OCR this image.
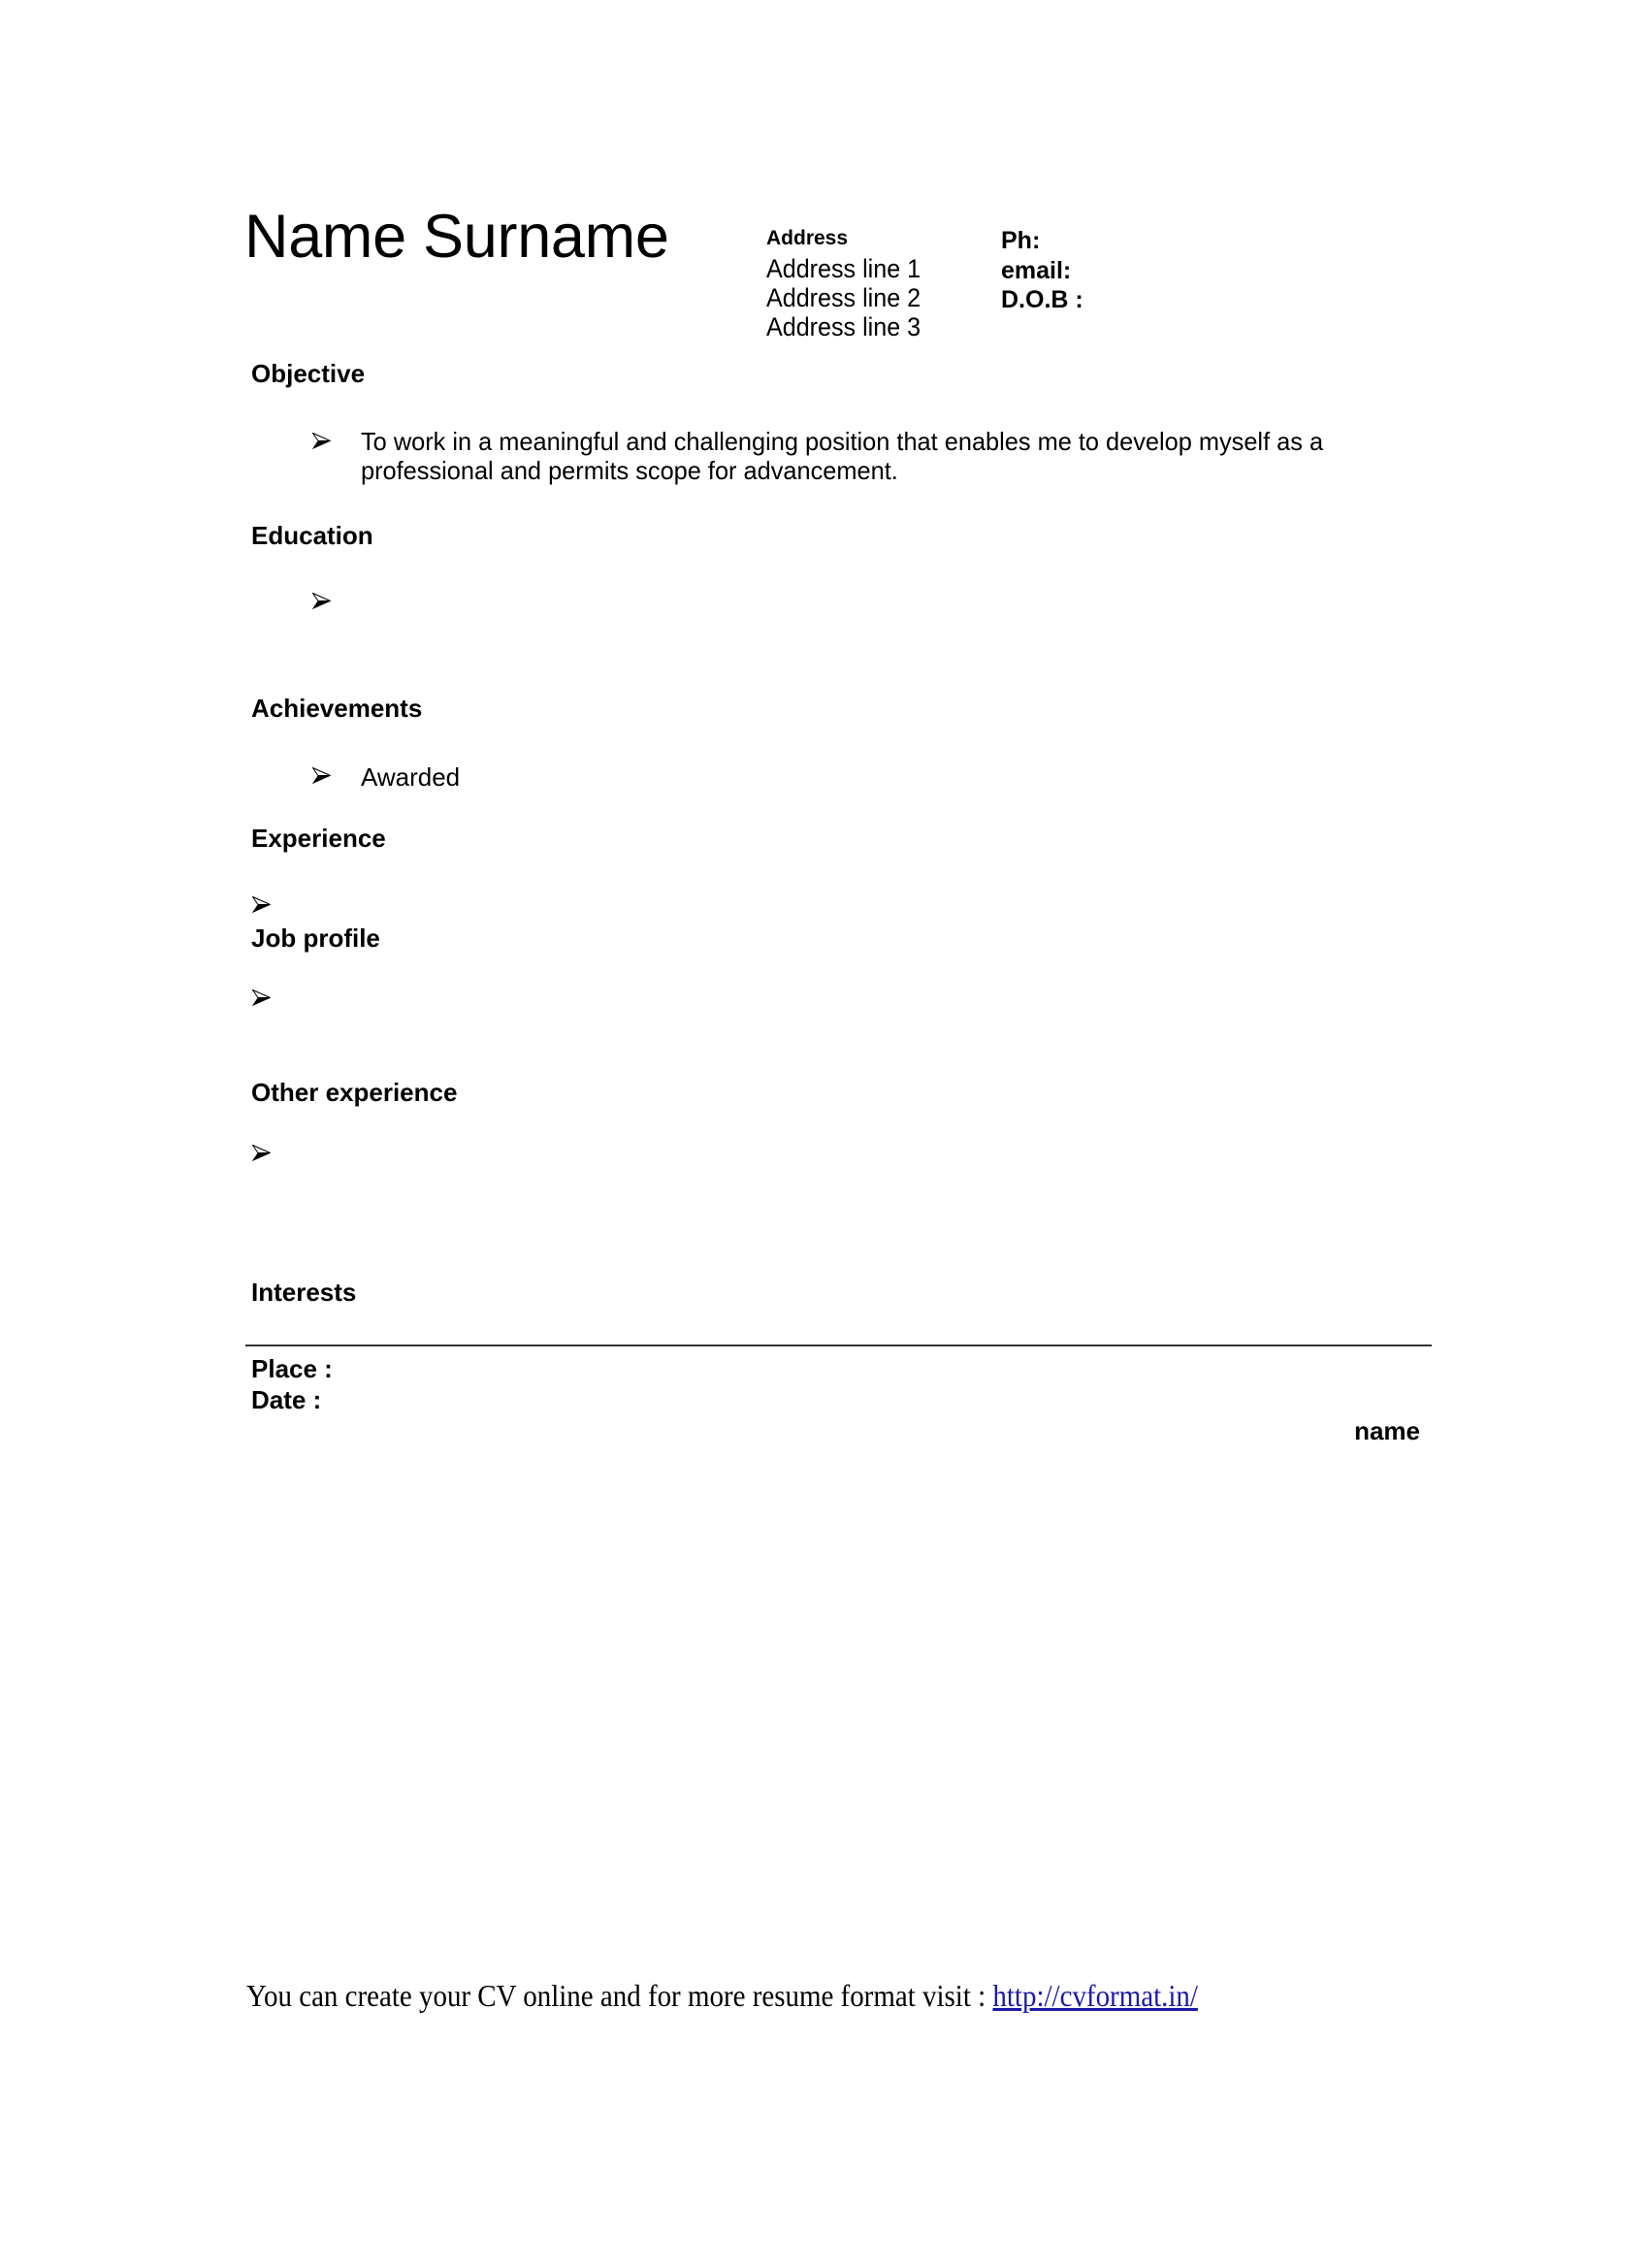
Name Surname	Address
Address line 1
Address line 2
Address line 3
Ph:
email:
D.O.B :
Objective
To work in a meaningful and challenging position that enables me to develop myself as a
professional and permits scope for advancement.
Education
Achievements
Awarded
Experience
Job profile
Other experience
Interests
Place :
Date :
name
You can create your CV online and for more resume format visit : http://cvformat.in/
